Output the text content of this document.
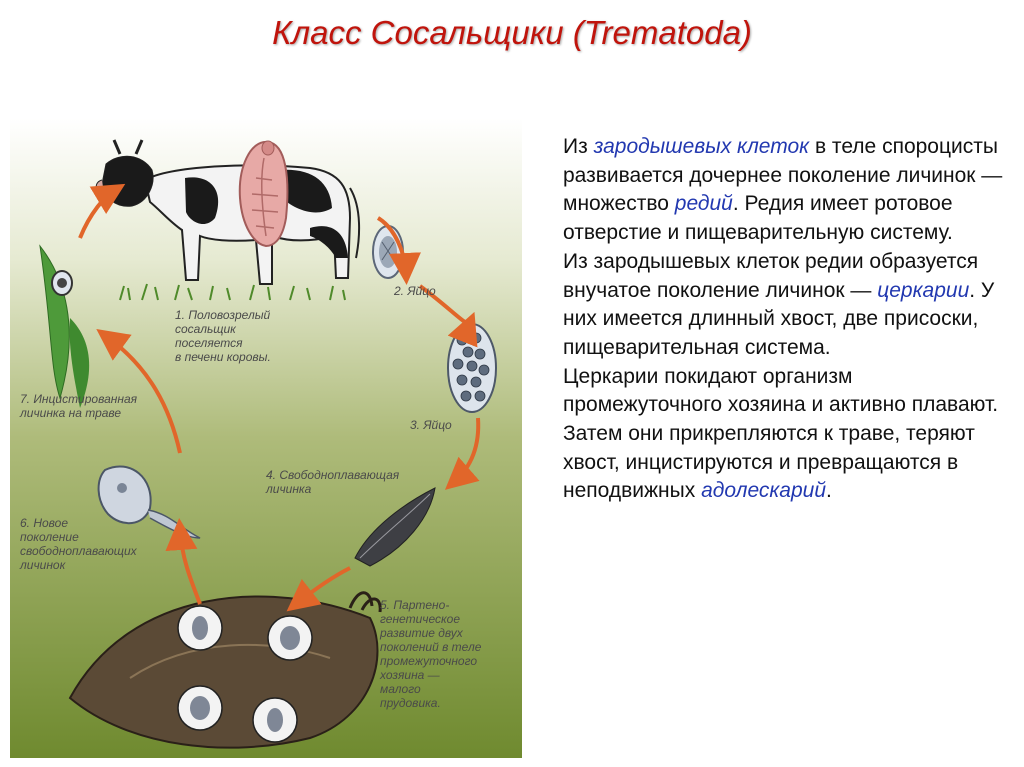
Класс Сосальщики (Trematoda)

1. Половозрелый
сосальщик
поселяется
в печени коровы.

2. Яйцо

3. Яйцо

4. Свободноплавающая
личинка

5. Партено-
генетическое
развитие двух
поколений в теле
промежуточного
хозяина —
малого
прудовика.

6. Новое
поколение
свободноплавающих
личинок

7. Инцистированная
личинка на траве

Из зародышевых клеток в теле спороцисты развивается дочернее поколение личинок — множество редий. Редия имеет ротовое отверстие и пищеварительную систему.

Из зародышевых клеток редии образуется внучатое поколение личинок — церкарии. У них имеется длинный хвост, две присоски, пищеварительная система.

Церкарии покидают организм промежуточного хозяина и активно плавают. Затем они прикрепляются к траве, теряют хвост, инцистируются и превращаются в неподвижных адолескарий.
